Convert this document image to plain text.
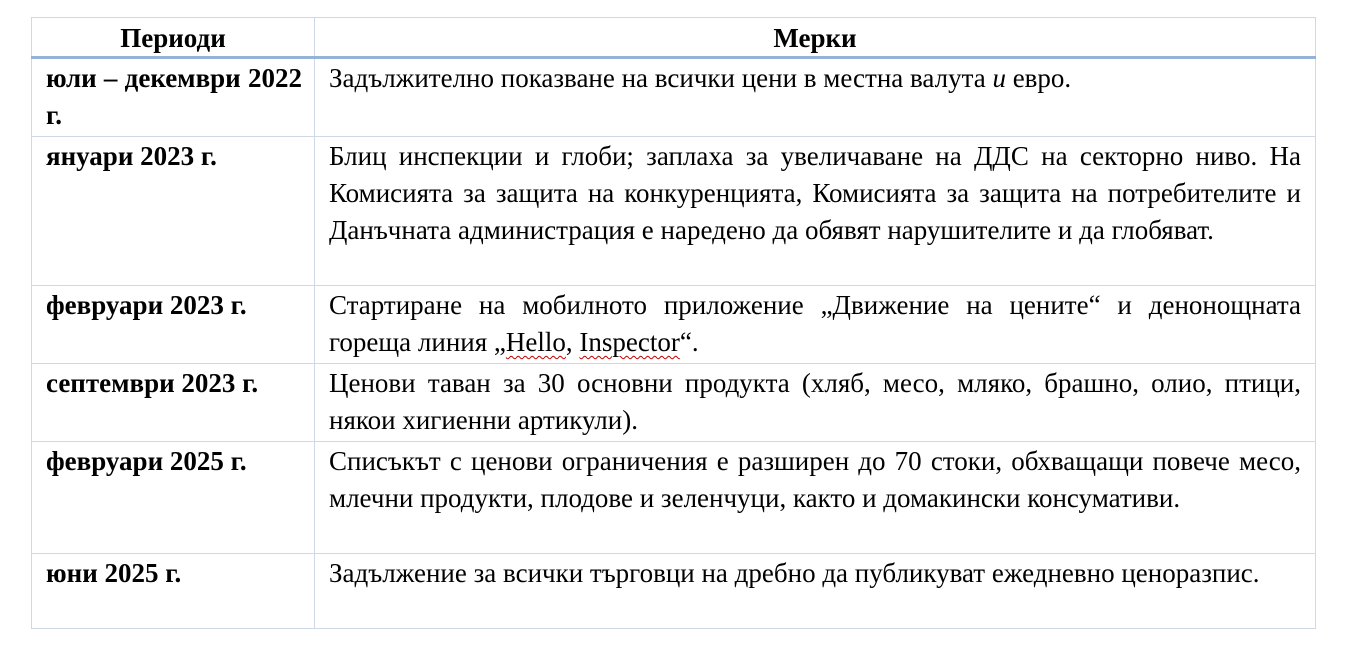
Периоди	Мерки
юли – декември 2022 г.	Задължително показване на всички цени в местна валута и евро.
януари 2023 г.	Блиц инспекции и глоби; заплаха за увеличаване на ДДС на секторно ниво. На Комисията за защита на конкуренцията, Комисията за защита на потребителите и Данъчната администрация е наредено да обявят нарушителите и да глобяват.
февруари 2023 г.	Стартиране на мобилното приложение „Движение на цените“ и денонощната гореща линия „Hello, Inspector“.
септември 2023 г.	Ценови таван за 30 основни продукта (хляб, месо, мляко, брашно, олио, птици, някои хигиенни артикули).
февруари 2025 г.	Списъкът с ценови ограничения е разширен до 70 стоки, обхващащи повече месо, млечни продукти, плодове и зеленчуци, както и домакински консумативи.
юни 2025 г.	Задължение за всички търговци на дребно да публикуват ежедневно ценоразпис.
